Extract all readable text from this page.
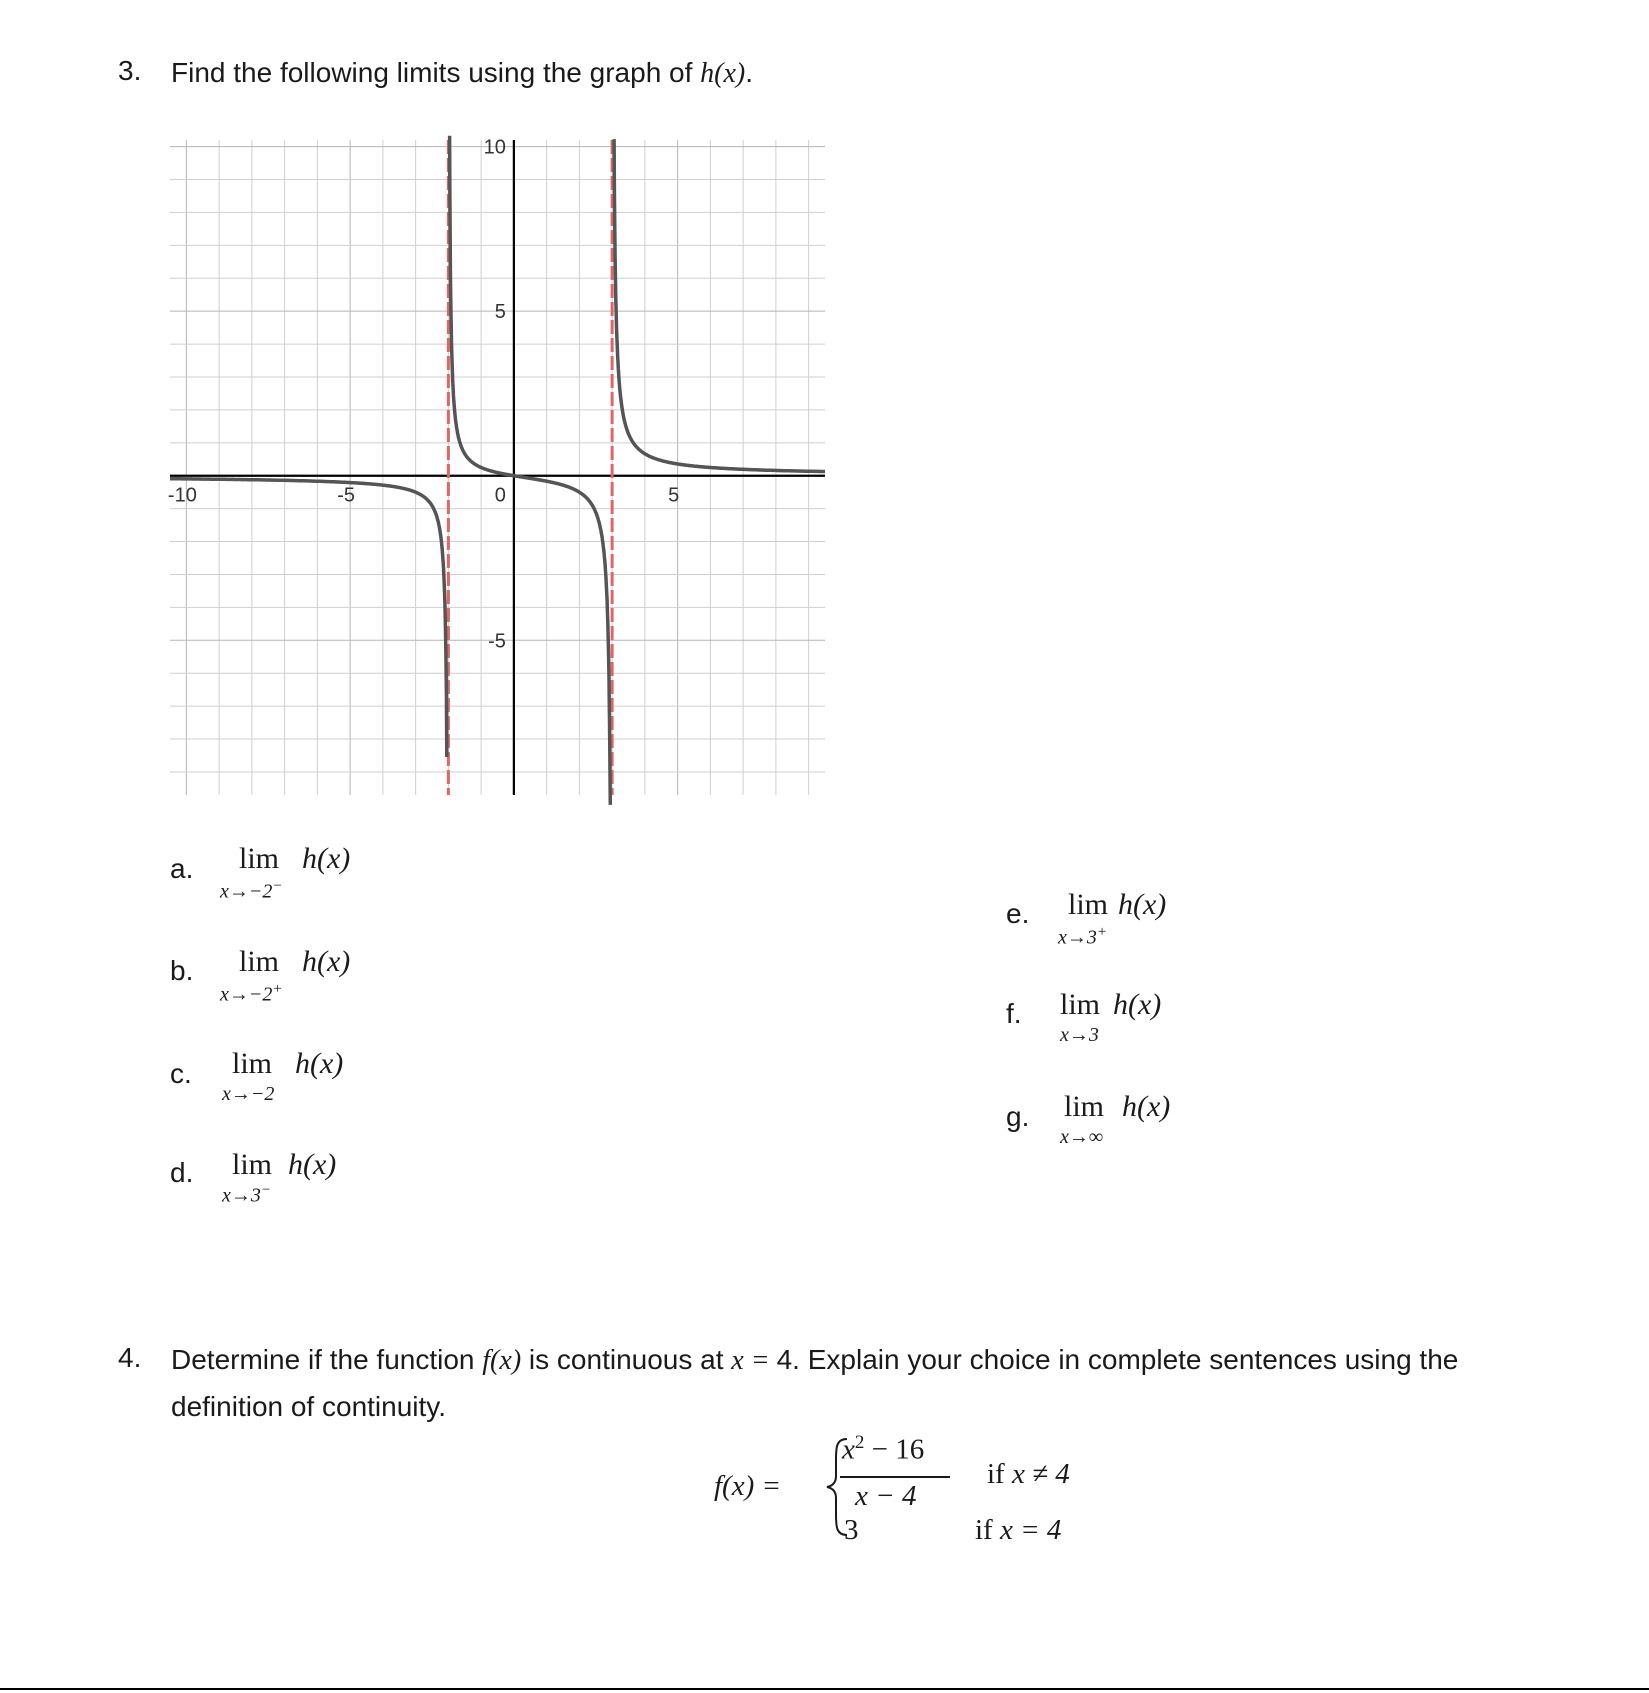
3. Find the following limits using the graph of h(x).
-10	-5	0	5
10
5
-5
a. lim h(x)
x→−2−
b. lim h(x)
x→−2+
c. lim h(x)
x→−2
d. lim h(x)
x→3−
e. lim h(x)
x→3+
f. lim h(x)
x→3
g. lim h(x)
x→∞
4. Determine if the function f(x) is continuous at x = 4. Explain your choice in complete sentences using the
definition of continuity.
f(x) =
$x^2 - 16$
x − 4
if x ≠ 4
3	if x = 4
